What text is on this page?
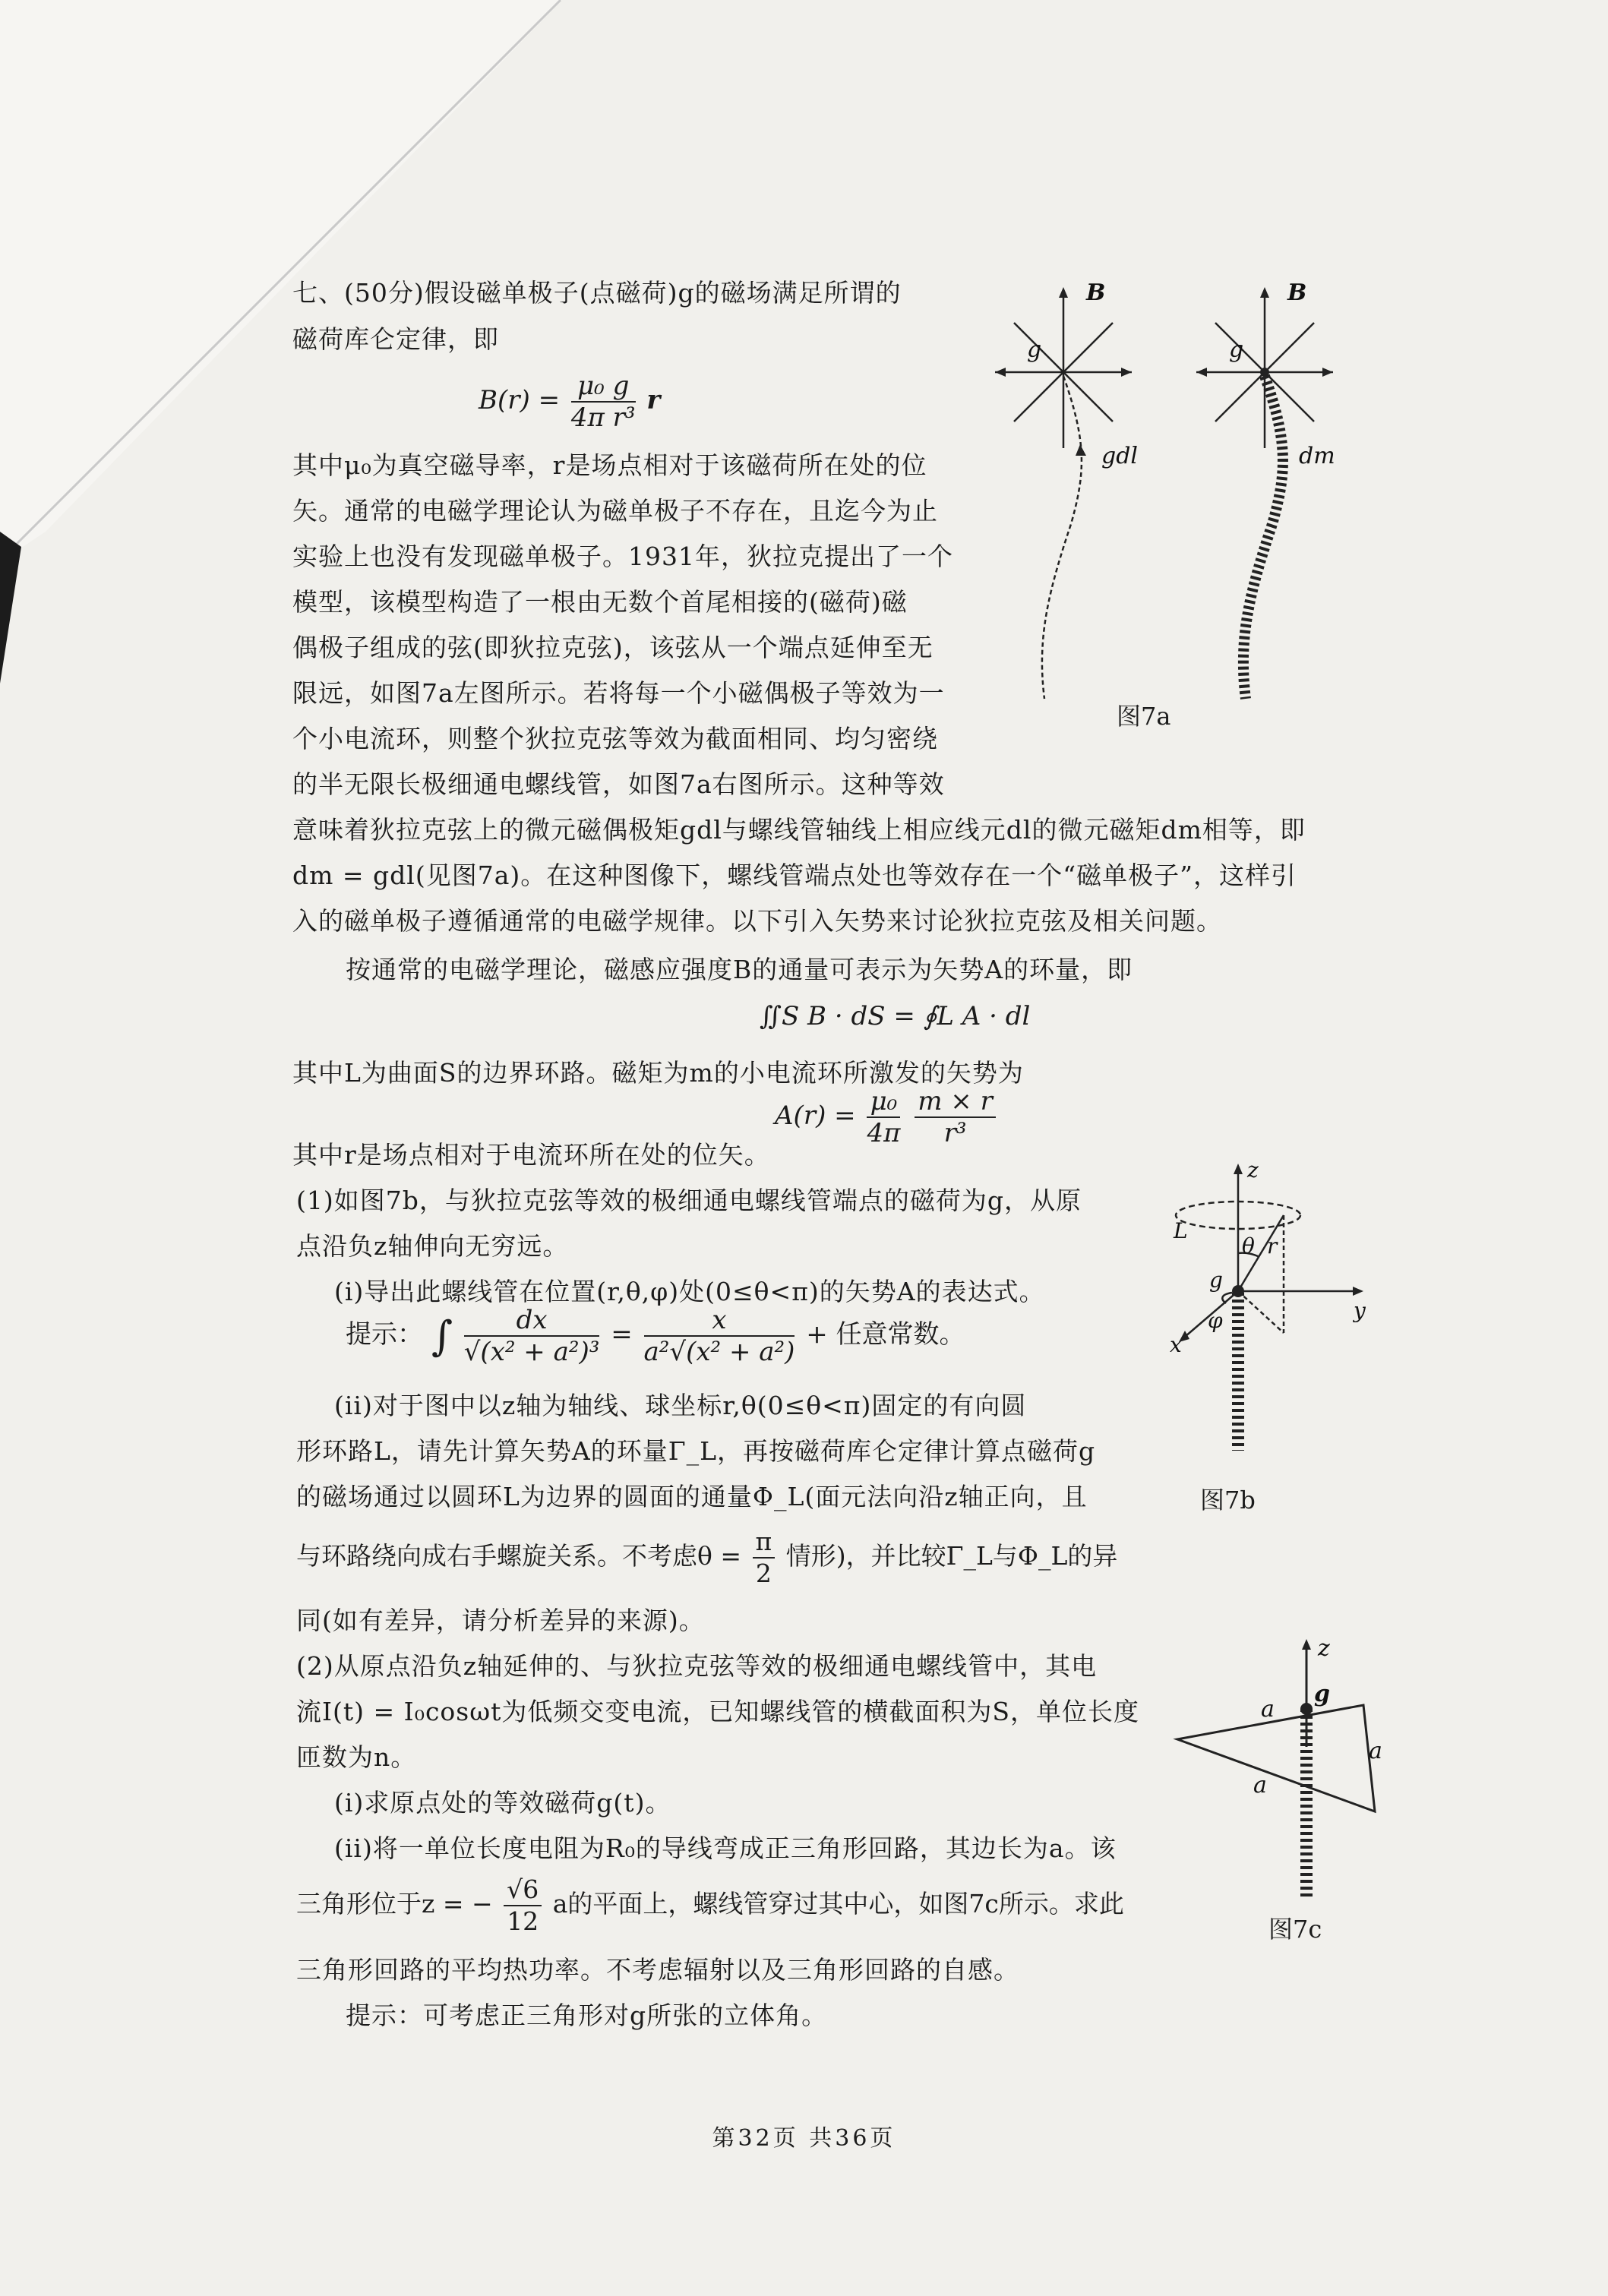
七、(50分)假设磁单极子(点磁荷)g的磁场满足所谓的
磁荷库仑定律，即
$B(r) = \frac{\text{μ₀ g}}{\text{4π r³}}$ r
其中μ₀为真空磁导率，r是场点相对于该磁荷所在处的位
矢。通常的电磁学理论认为磁单极子不存在，且迄今为止
实验上也没有发现磁单极子。1931年，狄拉克提出了一个
模型，该模型构造了一根由无数个首尾相接的(磁荷)磁
偶极子组成的弦(即狄拉克弦)，该弦从一个端点延伸至无
限远，如图7a左图所示。若将每一个小磁偶极子等效为一
个小电流环，则整个狄拉克弦等效为截面相同、均匀密绕
的半无限长极细通电螺线管，如图7a右图所示。这种等效
意味着狄拉克弦上的微元磁偶极矩gdl与螺线管轴线上相应线元dl的微元磁矩dm相等，即
dm = gdl(见图7a)。在这种图像下，螺线管端点处也等效存在一个“磁单极子”，这样引
入的磁单极子遵循通常的电磁学规律。以下引入矢势来讨论狄拉克弦及相关问题。
按通常的电磁学理论，磁感应强度B的通量可表示为矢势A的环量，即
∬S B · dS = ∮L A · dl
其中L为曲面S的边界环路。磁矩为m的小电流环所激发的矢势为
$A(r) = \frac{\text{μ₀}}{4\pi}$
$\frac{m \times r}{\text{r³}}$
其中r是场点相对于电流环所在处的位矢。
(1)如图7b，与狄拉克弦等效的极细通电螺线管端点的磁荷为g，从原
点沿负z轴伸向无穷远。
(i)导出此螺线管在位置(r,θ,φ)处(0≤θ<π)的矢势A的表达式。
提示： ∫ $\frac{dx}{\text{√(x² + a²)³}} = \frac{x}{\text{a²√(x² + a²)}}$ + 任意常数。
(ii)对于图中以z轴为轴线、球坐标r,θ(0≤θ<π)固定的有向圆
形环路L，请先计算矢势A的环量Γ_L，再按磁荷库仑定律计算点磁荷g
的磁场通过以圆环L为边界的圆面的通量Φ_L(面元法向沿z轴正向，且
与环路绕向成右手螺旋关系。不考虑$\theta = \frac{\pi}{2}$ 情形)，并比较Γ_L与Φ_L的异
同(如有差异，请分析差异的来源)。
(2)从原点沿负z轴延伸的、与狄拉克弦等效的极细通电螺线管中，其电
流I(t) = I₀cosωt为低频交变电流，已知螺线管的横截面积为S，单位长度
匝数为n。
(i)求原点处的等效磁荷g(t)。
(ii)将一单位长度电阻为R₀的导线弯成正三角形回路，其边长为a。该
三角形位于z = − $\frac{√6}{12}$ a的平面上，螺线管穿过其中心，如图7c所示。求此
三角形回路的平均热功率。不考虑辐射以及三角形回路的自感。
提示：可考虑正三角形对g所张的立体角。
B
g
B
g
gdl	dm
图7a
z
y
x
L
g
θ r
φ
图7b
z
g
a
a
a
图7c
第32页 共36页
